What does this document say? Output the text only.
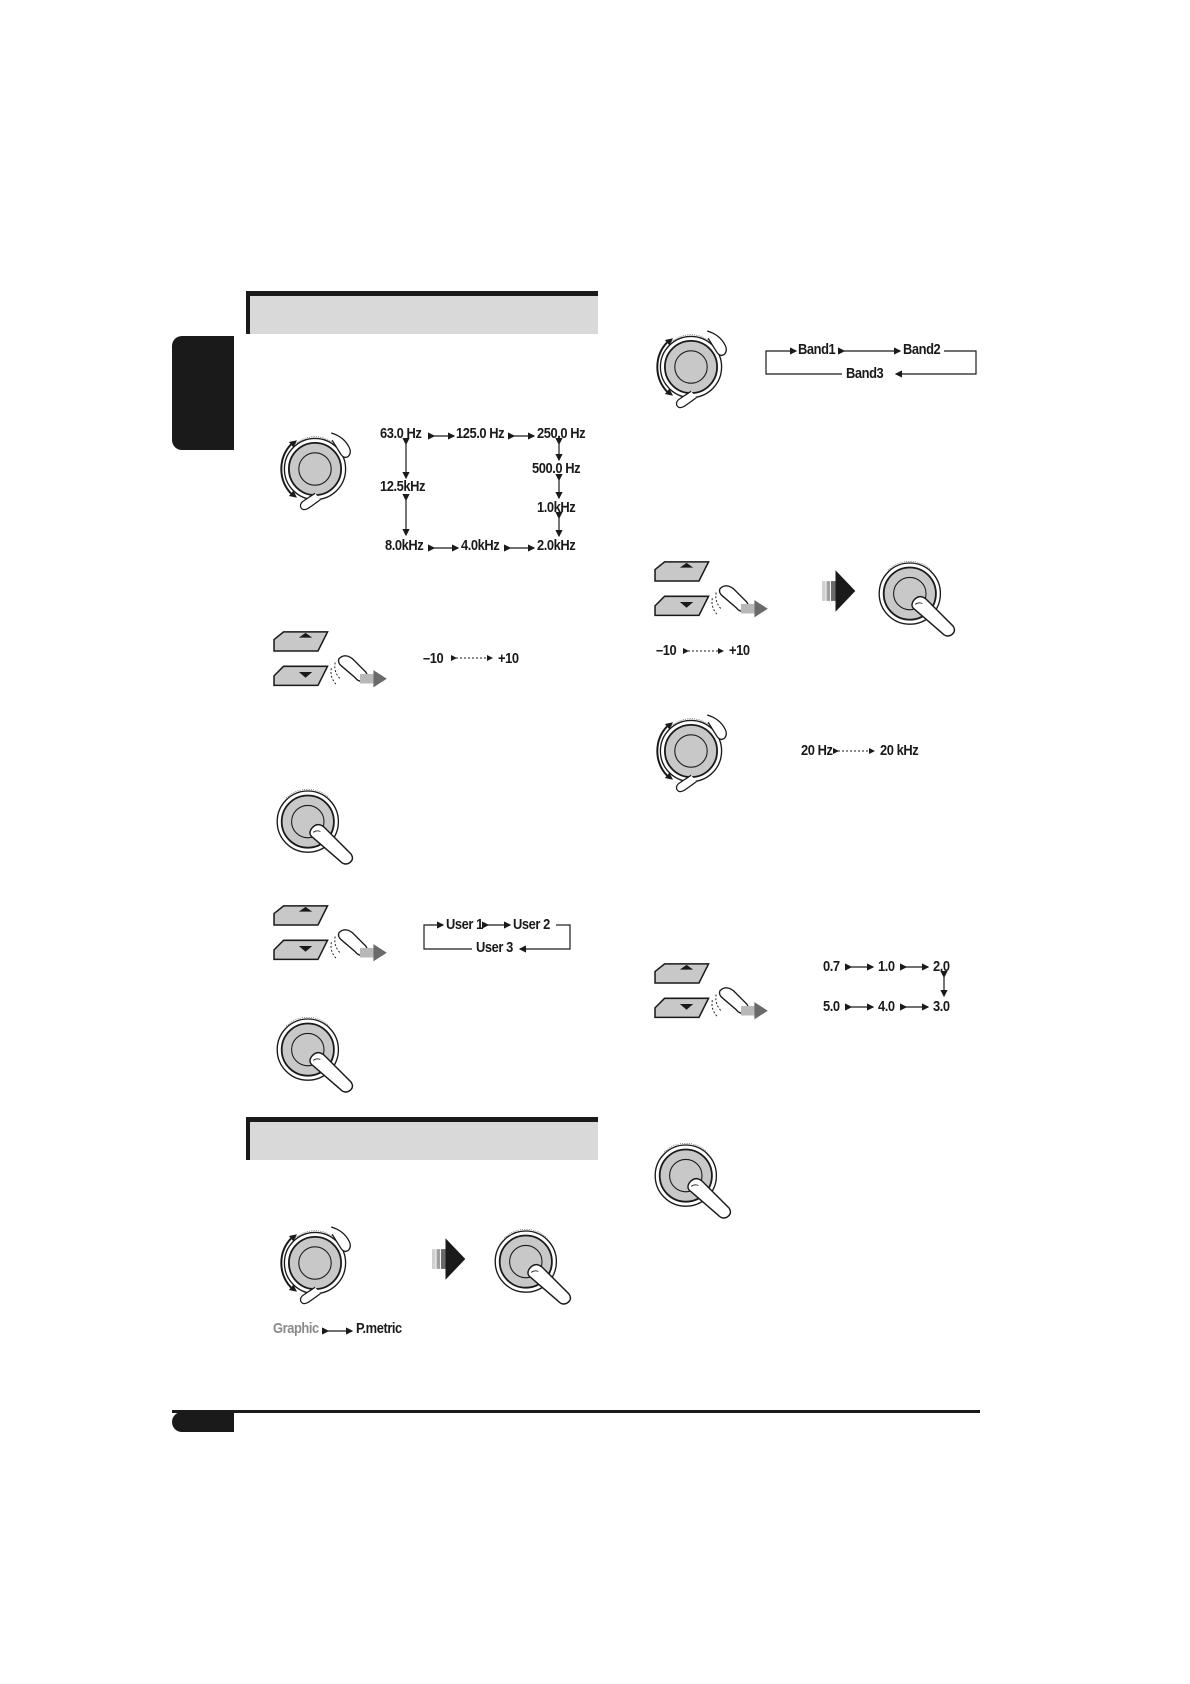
63.0 Hz 125.0 Hz 250.0 Hz
500.0 Hz
12.5kHz
1.0kHz
8.0kHz	4.0kHz	2.0kHz
–10	+10
User 1 User 2
User 3
Graphic P.metric
Band1	Band2
Band3
–10	+10
20 Hz	20 kHz
0.7	1.0	2.0
5.0	4.0	3.0
